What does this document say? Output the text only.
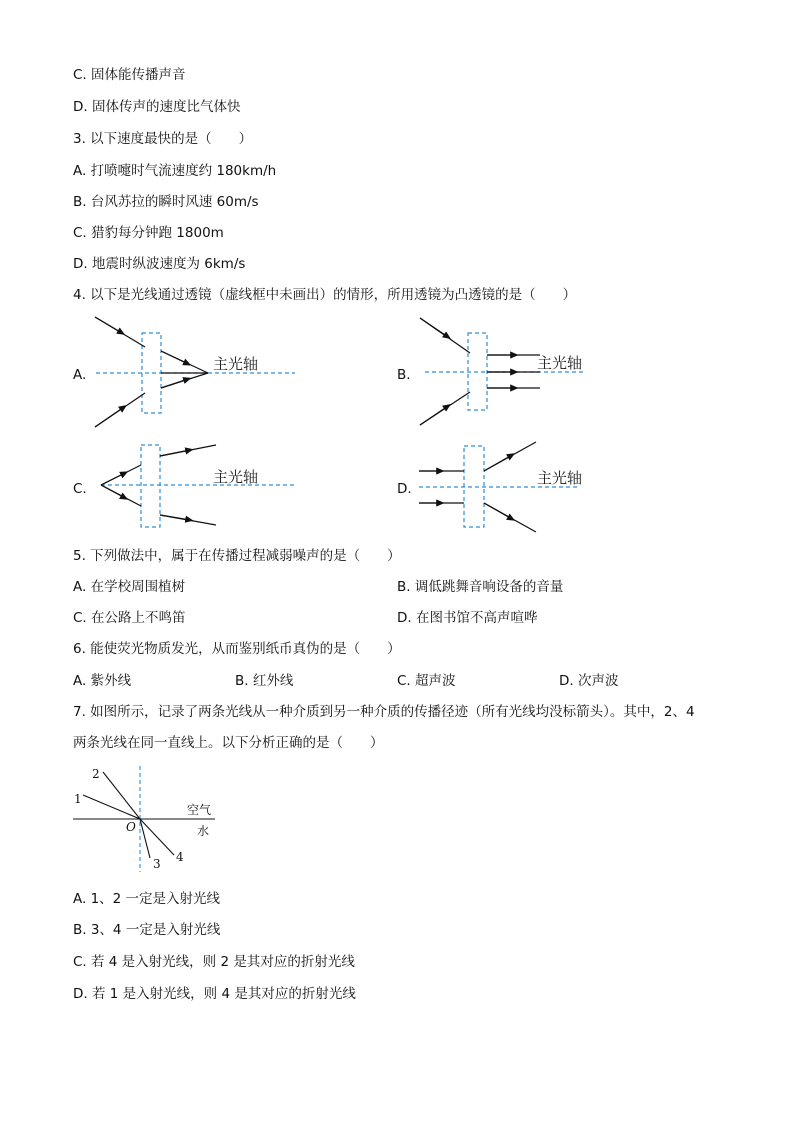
C. 固体能传播声音
D. 固体传声的速度比气体快
3. 以下速度最快的是（　　）
A. 打喷嚏时气流速度约 180km/h
B. 台风苏拉的瞬时风速 60m/s
C. 猎豹每分钟跑 1800m
D. 地震时纵波速度为 6km/s
4. 以下是光线通过透镜（虚线框中未画出）的情形，所用透镜为凸透镜的是（　　）
A.	B.
C.	D.
主光轴	主光轴
主光轴	主光轴
5. 下列做法中，属于在传播过程减弱噪声的是（　　）
A. 在学校周围植树	B. 调低跳舞音响设备的音量
C. 在公路上不鸣笛	D. 在图书馆不高声喧哗
6. 能使荧光物质发光，从而鉴别纸币真伪的是（　　）
A. 紫外线	B. 红外线	C. 超声波	D. 次声波
7. 如图所示，记录了两条光线从一种介质到另一种介质的传播径迹（所有光线均没标箭头）。其中，2、4
两条光线在同一直线上。以下分析正确的是（　　）
1
2
3 4
O
空气
水
A. 1、2 一定是入射光线
B. 3、4 一定是入射光线
C. 若 4 是入射光线，则 2 是其对应的折射光线
D. 若 1 是入射光线，则 4 是其对应的折射光线
